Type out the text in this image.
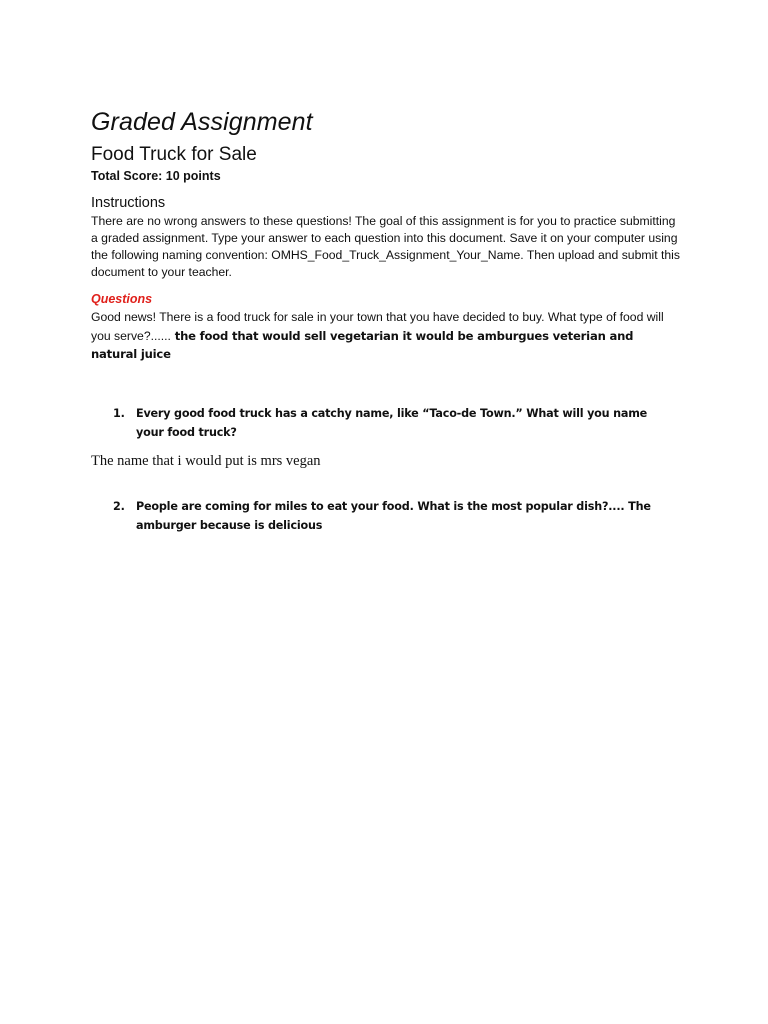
Graded Assignment
Food Truck for Sale
Total Score: 10 points
Instructions

There are no wrong answers to these questions! The goal of this assignment is for you to practice submitting a graded assignment. Type your answer to each question into this document. Save it on your computer using the following naming convention: OMHS_Food_Truck_Assignment_Your_Name. Then upload and submit this document to your teacher.

Questions

Good news! There is a food truck for sale in your town that you have decided to buy. What type of food will you serve?...... the food that would sell vegetarian it would be amburgues veterian and natural juice

1. Every good food truck has a catchy name, like “Taco-de Town.” What will you name your food truck?

The name that i would put is mrs vegan

2. People are coming for miles to eat your food. What is the most popular dish?.... The amburger because is delicious
